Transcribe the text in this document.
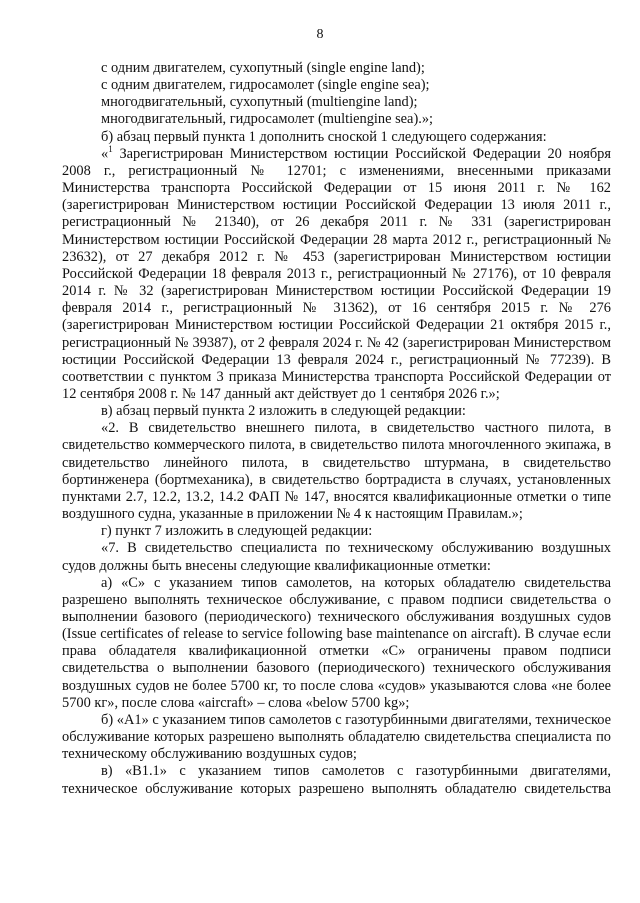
8

с одним двигателем, сухопутный (single engine land);

с одним двигателем, гидросамолет (single engine sea);

многодвигательный, сухопутный (multiengine land);

многодвигательный, гидросамолет (multiengine sea).»;

б) абзац первый пункта 1 дополнить сноской 1 следующего содержания:

«$^1$ Зарегистрирован Министерством юстиции Российской Федерации 20 ноября 2008 г., регистрационный № 12701; с изменениями, внесенными приказами Министерства транспорта Российской Федерации от 15 июня 2011 г. № 162 (зарегистрирован Министерством юстиции Российской Федерации 13 июля 2011 г., регистрационный № 21340), от 26 декабря 2011 г. № 331 (зарегистрирован Министерством юстиции Российской Федерации 28 марта 2012 г., регистрационный № 23632), от 27 декабря 2012 г. № 453 (зарегистрирован Министерством юстиции Российской Федерации 18 февраля 2013 г., регистрационный № 27176), от 10 февраля 2014 г. № 32 (зарегистрирован Министерством юстиции Российской Федерации 19 февраля 2014 г., регистрационный № 31362), от 16 сентября 2015 г. № 276 (зарегистрирован Министерством юстиции Российской Федерации 21 октября 2015 г., регистрационный № 39387), от 2 февраля 2024 г. № 42 (зарегистрирован Министерством юстиции Российской Федерации 13 февраля 2024 г., регистрационный № 77239). В соответствии с пунктом 3 приказа Министерства транспорта Российской Федерации от 12 сентября 2008 г. № 147 данный акт действует до 1 сентября 2026 г.»;

в) абзац первый пункта 2 изложить в следующей редакции:

«2. В свидетельство внешнего пилота, в свидетельство частного пилота, в свидетельство коммерческого пилота, в свидетельство пилота многочленного экипажа, в свидетельство линейного пилота, в свидетельство штурмана, в свидетельство бортинженера (бортмеханика), в свидетельство бортрадиста в случаях, установленных пунктами 2.7, 12.2, 13.2, 14.2 ФАП № 147, вносятся квалификационные отметки о типе воздушного судна, указанные в приложении № 4 к настоящим Правилам.»;

г) пункт 7 изложить в следующей редакции:

«7. В свидетельство специалиста по техническому обслуживанию воздушных судов должны быть внесены следующие квалификационные отметки:

а) «C» с указанием типов самолетов, на которых обладателю свидетельства разрешено выполнять техническое обслуживание, с правом подписи свидетельства о выполнении базового (периодического) технического обслуживания воздушных судов (Issue certificates of release to service following base maintenance on aircraft). В случае если права обладателя квалификационной отметки «C» ограничены правом подписи свидетельства о выполнении базового (периодического) технического обслуживания воздушных судов не более 5700 кг, то после слова «судов» указываются слова «не более 5700 кг», после слова «aircraft» – слова «below 5700 kg»;

б) «A1» с указанием типов самолетов с газотурбинными двигателями, техническое обслуживание которых разрешено выполнять обладателю свидетельства специалиста по техническому обслуживанию воздушных судов;

в) «B1.1» с указанием типов самолетов с газотурбинными двигателями, техническое обслуживание которых разрешено выполнять обладателю свидетельства
